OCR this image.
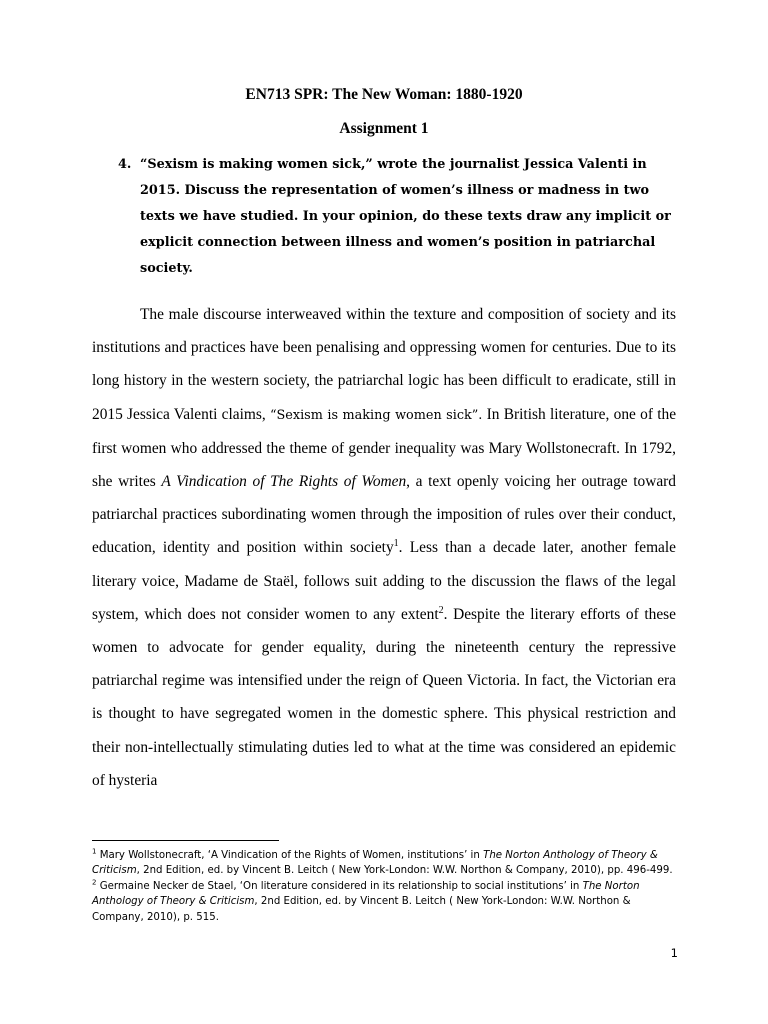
EN713 SPR: The New Woman: 1880-1920
Assignment 1
4. “Sexism is making women sick,” wrote the journalist Jessica Valenti in 2015. Discuss the representation of women’s illness or madness in two texts we have studied. In your opinion, do these texts draw any implicit or explicit connection between illness and women’s position in patriarchal society.

The male discourse interweaved within the texture and composition of society and its institutions and practices have been penalising and oppressing women for centuries. Due to its long history in the western society, the patriarchal logic has been difficult to eradicate, still in 2015 Jessica Valenti claims, “Sexism is making women sick”. In British literature, one of the first women who addressed the theme of gender inequality was Mary Wollstonecraft. In 1792, she writes A Vindication of The Rights of Women, a text openly voicing her outrage toward patriarchal practices subordinating women through the imposition of rules over their conduct, education, identity and position within society$^1$. Less than a decade later, another female literary voice, Madame de Staël, follows suit adding to the discussion the flaws of the legal system, which does not consider women to any extent$^2$. Despite the literary efforts of these women to advocate for gender equality, during the nineteenth century the repressive patriarchal regime was intensified under the reign of Queen Victoria. In fact, the Victorian era is thought to have segregated women in the domestic sphere. This physical restriction and their non-intellectually stimulating duties led to what at the time was considered an epidemic of hysteria

$^1$ Mary Wollstonecraft, ‘A Vindication of the Rights of Women, institutions’ in The Norton Anthology of Theory & Criticism, 2nd Edition, ed. by Vincent B. Leitch ( New York-London: W.W. Northon & Company, 2010), pp. 496-499.

$^2$ Germaine Necker de Stael, ‘On literature considered in its relationship to social institutions’ in The Norton Anthology of Theory & Criticism, 2nd Edition, ed. by Vincent B. Leitch ( New York-London: W.W. Northon & Company, 2010), p. 515.

1
